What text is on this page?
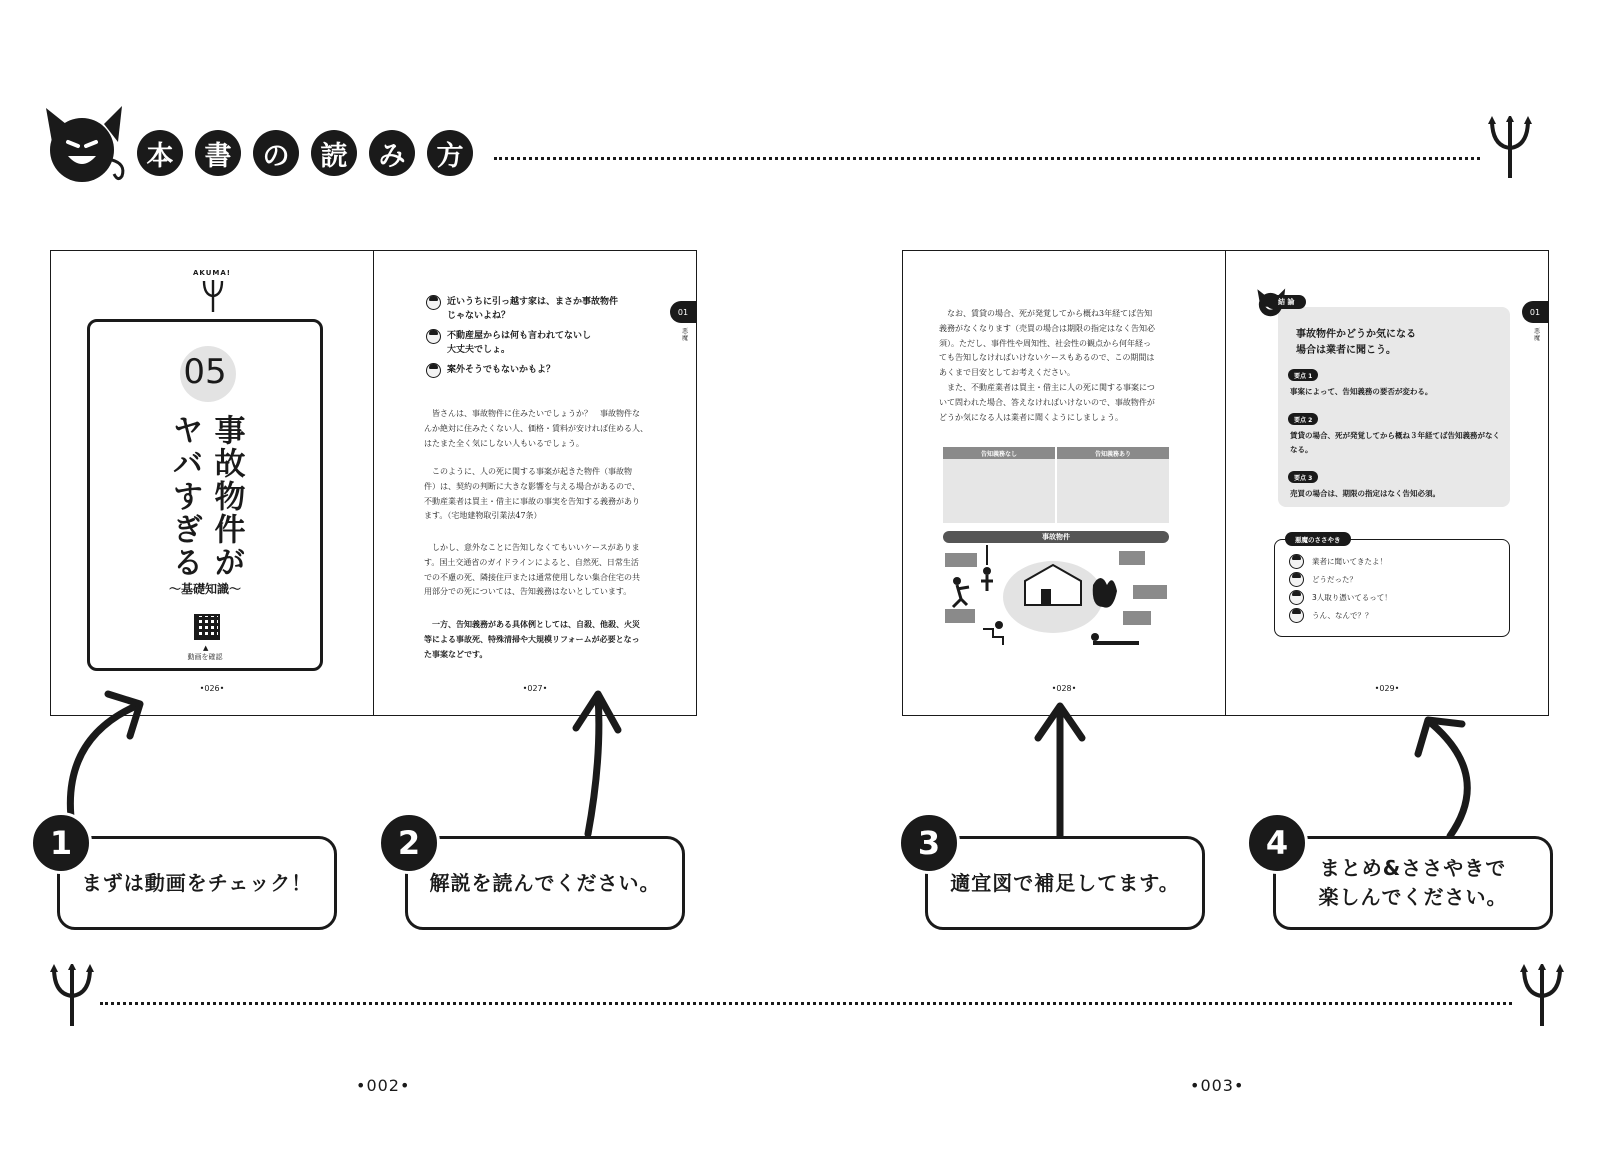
本	書	の	読	み	方
AKUMA!
05
事故物件が
ヤバすぎる
〜基礎知識〜
▲
動画を確認
•026•
01
悪魔
近いうちに引っ越す家は、まさか事故物件
じゃないよね？
不動産屋からは何も言われてないし
大丈夫でしょ。
案外そうでもないかもよ？
　皆さんは、事故物件に住みたいでしょうか？　事故物件な
んか絶対に住みたくない人、価格・賃料が安ければ住める人、
はたまた全く気にしない人もいるでしょう。
　このように、人の死に関する事案が起きた物件（事故物
件）は、契約の判断に大きな影響を与える場合があるので、
不動産業者は買主・借主に事故の事実を告知する義務があり
ます。（宅地建物取引業法47条）
　しかし、意外なことに告知しなくてもいいケースがありま
す。国土交通省のガイドラインによると、自然死、日常生活
での不慮の死、隣接住戸または通常使用しない集合住宅の共
用部分での死については、告知義務はないとしています。
　一方、告知義務がある具体例としては、自殺、他殺、火災
等による事故死、特殊清掃や大規模リフォームが必要となっ
た事案などです。
•027•
　なお、賃貸の場合、死が発覚してから概ね3年経てば告知
義務がなくなります（売買の場合は期限の指定はなく告知必
須）。ただし、事件性や周知性、社会性の観点から何年経っ
ても告知しなければいけないケースもあるので、この期間は
あくまで目安としてお考えください。
　また、不動産業者は買主・借主に人の死に関する事案につ
いて問われた場合、答えなければいけないので、事故物件が
どうか気になる人は業者に聞くようにしましょう。
告知義務なし	告知義務あり
事故物件
•028•
01
悪魔
事故物件かどうか気になる
場合は業者に聞こう。
要点 1
事案によって、告知義務の要否が変わる。
要点 2
賃貸の場合、死が発覚してから概ね３年経てば告知義務がなくなる。
要点 3
売買の場合は、期限の指定はなく告知必須。
結 論
悪魔のささやき
業者に聞いてきたよ！
どうだった？
3人取り憑いてるって！
うん、なんで？？
•029•
まずは動画をチェック！
1
解説を読んでください。
2
適宜図で補足してます。
3
まとめ&ささやきで
楽しんでください。
4
•002•	•003•
